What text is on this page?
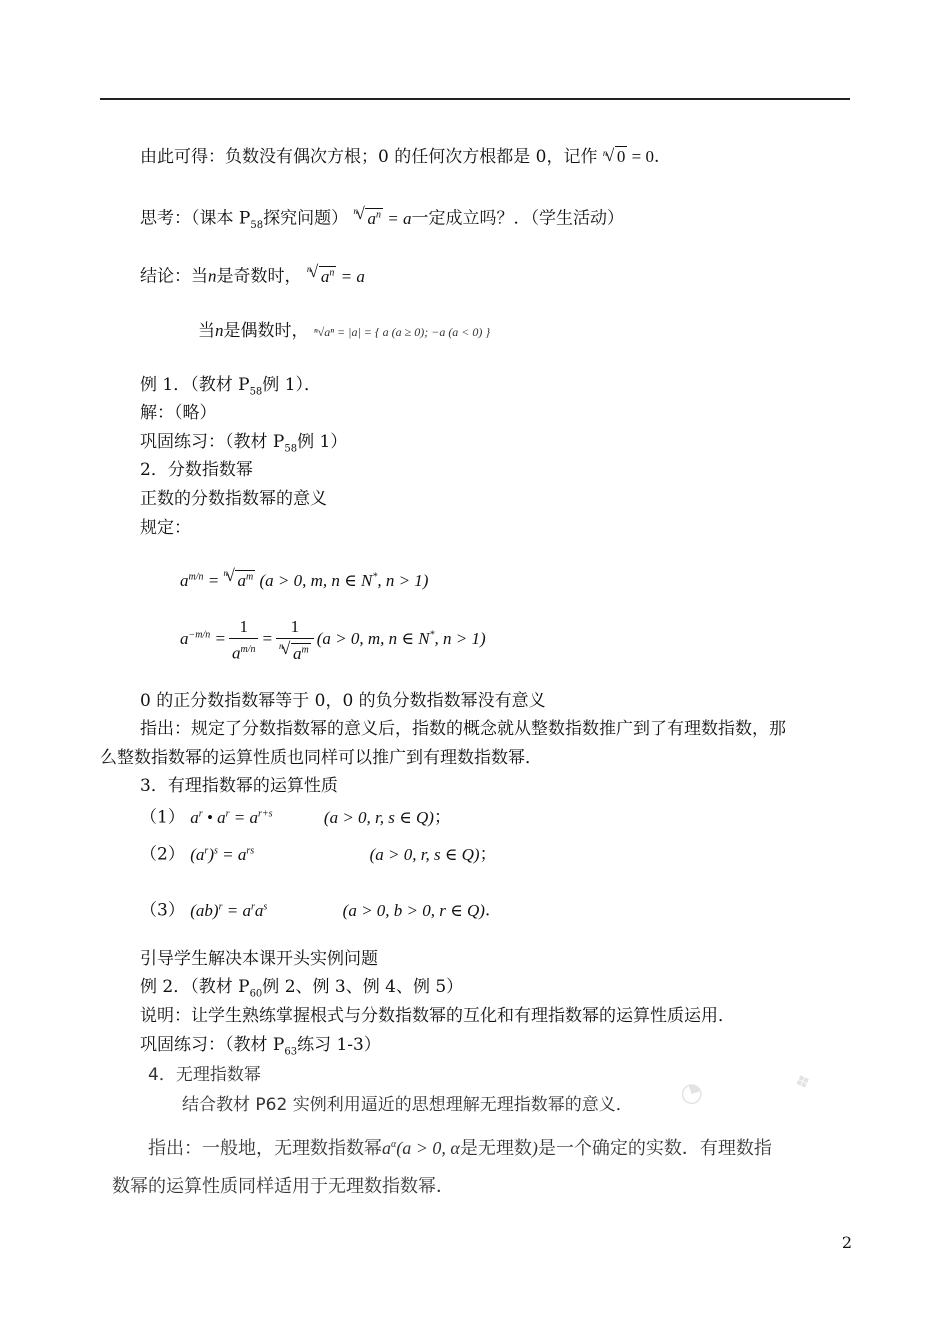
由此可得：负数没有偶次方根；0 的任何次方根都是 0，记作 √ n 0 = 0.
思考：（课本 $P_{58}$探究问题） √ n $a^n = a$一定成立吗？．（学生活动）
结论：当n是奇数时， √ n $a^n = a$
当n是偶数时， ⁿ√aⁿ = |a| = { a (a ≥ 0); −a (a < 0) }
例 1．（教材 $P_{58}$例 1）．
解：（略）
巩固练习：（教材 $P_{58}$例 1）
2．分数指数幂
正数的分数指数幂的意义
规定：
$a^{m/n}$ = √ n $a^m$ (a > 0, m, n ∈ N*, n > 1)
$a^{-m/n} = \frac{1}{a^{m/n}} = 1$
√ n $a^m$ (a > 0, m, n ∈ N*, n > 1)
0 的正分数指数幂等于 0，0 的负分数指数幂没有意义
指出：规定了分数指数幂的意义后，指数的概念就从整数指数推广到了有理数指数，那
么整数指数幂的运算性质也同样可以推广到有理数指数幂．
3．有理指数幂的运算性质
（1） $a^r$ • $a^r = a^{r+s}$	(a > 0, r, s ∈ Q)；
（2） $(a^r)^s = a^{rs}$	(a > 0, r, s ∈ Q)；
（3） $(ab)^r = a^ra^s$	(a > 0, b > 0, r ∈ Q).
引导学生解决本课开头实例问题
例 2．（教材 $P_{60}$例 2、例 3、例 4、例 5）
说明：让学生熟练掌握根式与分数指数幂的互化和有理指数幂的运算性质运用．
巩固练习：（教材 $P_{63}$练习 1-3）
4．无理指数幂
结合教材 P62 实例利用逼近的思想理解无理指数幂的意义．
指出：一般地，无理数指数幂$a^\alpha(a > 0$, α是无理数)是一个确定的实数．有理数指
数幂的运算性质同样适用于无理数指数幂．
◔	❖
2
